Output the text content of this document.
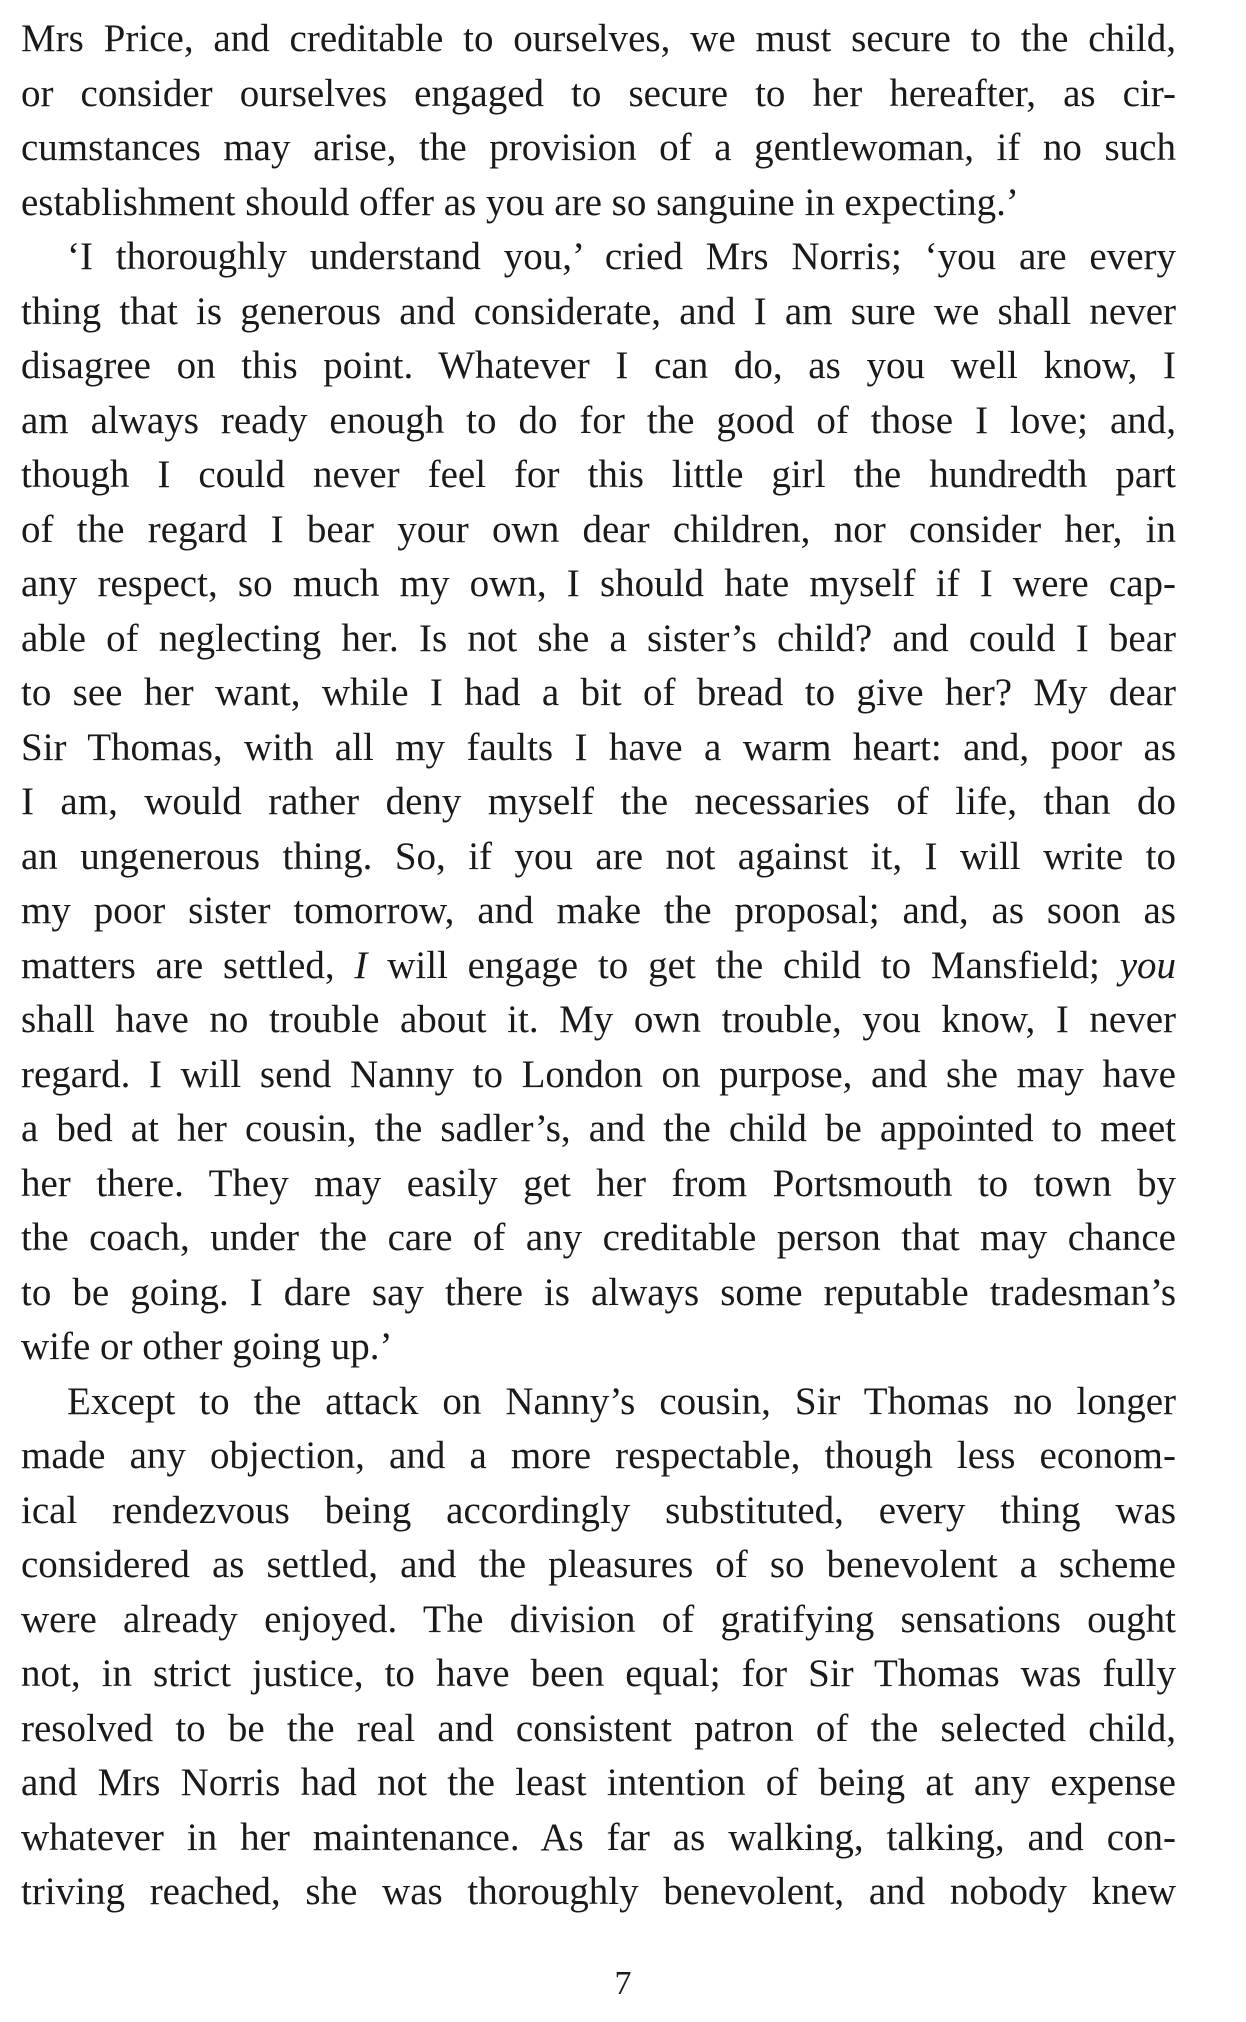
Mrs Price, and creditable to ourselves, we must secure to the child,
or consider ourselves engaged to secure to her hereafter, as cir-
cumstances may arise, the provision of a gentlewoman, if no such
establishment should offer as you are so sanguine in expecting.’
‘I thoroughly understand you,’ cried Mrs Norris; ‘you are every
thing that is generous and considerate, and I am sure we shall never
disagree on this point. Whatever I can do, as you well know, I
am always ready enough to do for the good of those I love; and,
though I could never feel for this little girl the hundredth part
of the regard I bear your own dear children, nor consider her, in
any respect, so much my own, I should hate myself if I were cap-
able of neglecting her. Is not she a sister’s child? and could I bear
to see her want, while I had a bit of bread to give her? My dear
Sir Thomas, with all my faults I have a warm heart: and, poor as
I am, would rather deny myself the necessaries of life, than do
an ungenerous thing. So, if you are not against it, I will write to
my poor sister tomorrow, and make the proposal; and, as soon as
matters are settled, I will engage to get the child to Mansfield; you
shall have no trouble about it. My own trouble, you know, I never
regard. I will send Nanny to London on purpose, and she may have
a bed at her cousin, the sadler’s, and the child be appointed to meet
her there. They may easily get her from Portsmouth to town by
the coach, under the care of any creditable person that may chance
to be going. I dare say there is always some reputable tradesman’s
wife or other going up.’
Except to the attack on Nanny’s cousin, Sir Thomas no longer
made any objection, and a more respectable, though less econom-
ical rendezvous being accordingly substituted, every thing was
considered as settled, and the pleasures of so benevolent a scheme
were already enjoyed. The division of gratifying sensations ought
not, in strict justice, to have been equal; for Sir Thomas was fully
resolved to be the real and consistent patron of the selected child,
and Mrs Norris had not the least intention of being at any expense
whatever in her maintenance. As far as walking, talking, and con-
triving reached, she was thoroughly benevolent, and nobody knew
7
